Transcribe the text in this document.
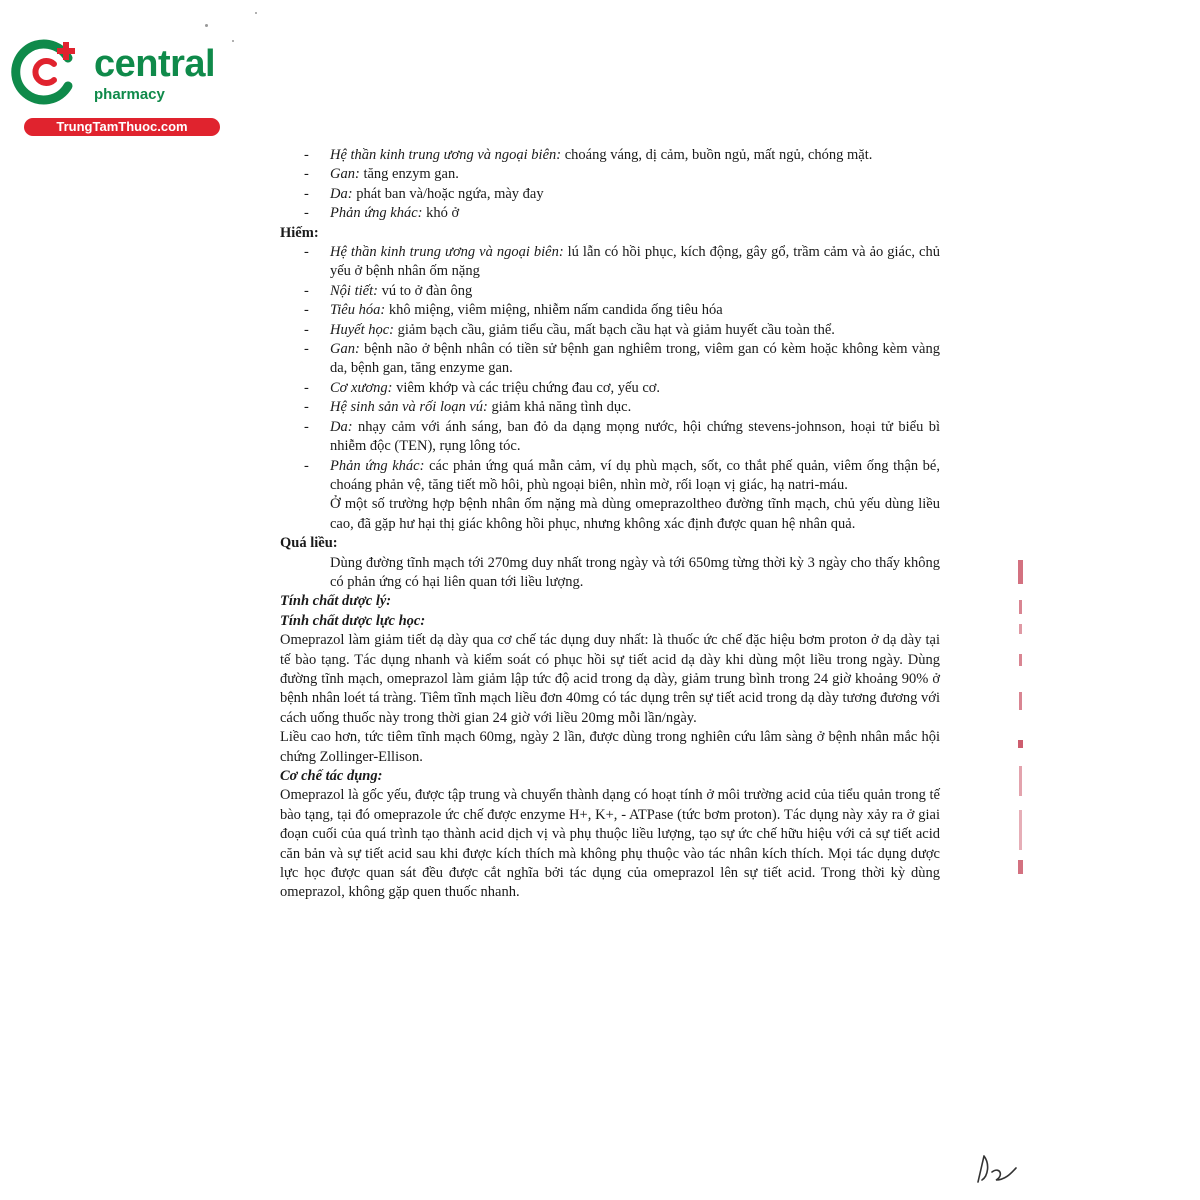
central
pharmacy
TrungTamThuoc.com
- Hệ thần kinh trung ương và ngoại biên: choáng váng, dị cảm, buồn ngủ, mất ngủ, chóng mặt.
- Gan: tăng enzym gan.
- Da: phát ban và/hoặc ngứa, mày đay
- Phản ứng khác: khó ở
Hiếm:
- Hệ thần kinh trung ương và ngoại biên: lú lẫn có hồi phục, kích động, gây gổ, trầm cảm và ảo giác, chủ yếu ở bệnh nhân ốm nặng
- Nội tiết: vú to ở đàn ông
- Tiêu hóa: khô miệng, viêm miệng, nhiễm nấm candida ống tiêu hóa
- Huyết học: giảm bạch cầu, giảm tiểu cầu, mất bạch cầu hạt và giảm huyết cầu toàn thể.
- Gan: bệnh não ở bệnh nhân có tiền sử bệnh gan nghiêm trong, viêm gan có kèm hoặc không kèm vàng da, bệnh gan, tăng enzyme gan.
- Cơ xương: viêm khớp và các triệu chứng đau cơ, yếu cơ.
- Hệ sinh sản và rối loạn vú: giảm khả năng tình dục.
- Da: nhạy cảm với ánh sáng, ban đỏ da dạng mọng nước, hội chứng stevens-johnson, hoại tử biểu bì nhiễm độc (TEN), rụng lông tóc.
- Phản ứng khác: các phản ứng quá mẫn cảm, ví dụ phù mạch, sốt, co thắt phế quản, viêm ống thận bé, choáng phản vệ, tăng tiết mồ hôi, phù ngoại biên, nhìn mờ, rối loạn vị giác, hạ natri-máu.
Ở một số trường hợp bệnh nhân ốm nặng mà dùng omeprazoltheo đường tĩnh mạch, chủ yếu dùng liều cao, đã gặp hư hại thị giác không hồi phục, nhưng không xác định được quan hệ nhân quả.
Quá liều:
Dùng đường tĩnh mạch tới 270mg duy nhất trong ngày và tới 650mg từng thời kỳ 3 ngày cho thấy không có phản ứng có hại liên quan tới liều lượng.
Tính chất dược lý:
Tính chất dược lực học:
Omeprazol làm giảm tiết dạ dày qua cơ chế tác dụng duy nhất: là thuốc ức chế đặc hiệu bơm proton ở dạ dày tại tế bào tạng. Tác dụng nhanh và kiểm soát có phục hồi sự tiết acid dạ dày khi dùng một liều trong ngày. Dùng đường tĩnh mạch, omeprazol làm giảm lập tức độ acid trong dạ dày, giảm trung bình trong 24 giờ khoảng 90% ở bệnh nhân loét tá tràng. Tiêm tĩnh mạch liều đơn 40mg có tác dụng trên sự tiết acid trong dạ dày tương đương với cách uống thuốc này trong thời gian 24 giờ với liều 20mg mỗi lần/ngày.
Liều cao hơn, tức tiêm tĩnh mạch 60mg, ngày 2 lần, được dùng trong nghiên cứu lâm sàng ở bệnh nhân mắc hội chứng Zollinger-Ellison.
Cơ chế tác dụng:
Omeprazol là gốc yếu, được tập trung và chuyển thành dạng có hoạt tính ở môi trường acid của tiểu quản trong tế bào tạng, tại đó omeprazole ức chế được enzyme H+, K+, - ATPase (tức bơm proton). Tác dụng này xảy ra ở giai đoạn cuối của quá trình tạo thành acid dịch vị và phụ thuộc liều lượng, tạo sự ức chế hữu hiệu với cả sự tiết acid căn bản và sự tiết acid sau khi được kích thích mà không phụ thuộc vào tác nhân kích thích. Mọi tác dụng dược lực học được quan sát đều được cắt nghĩa bởi tác dụng của omeprazol lên sự tiết acid. Trong thời kỳ dùng omeprazol, không gặp quen thuốc nhanh.
